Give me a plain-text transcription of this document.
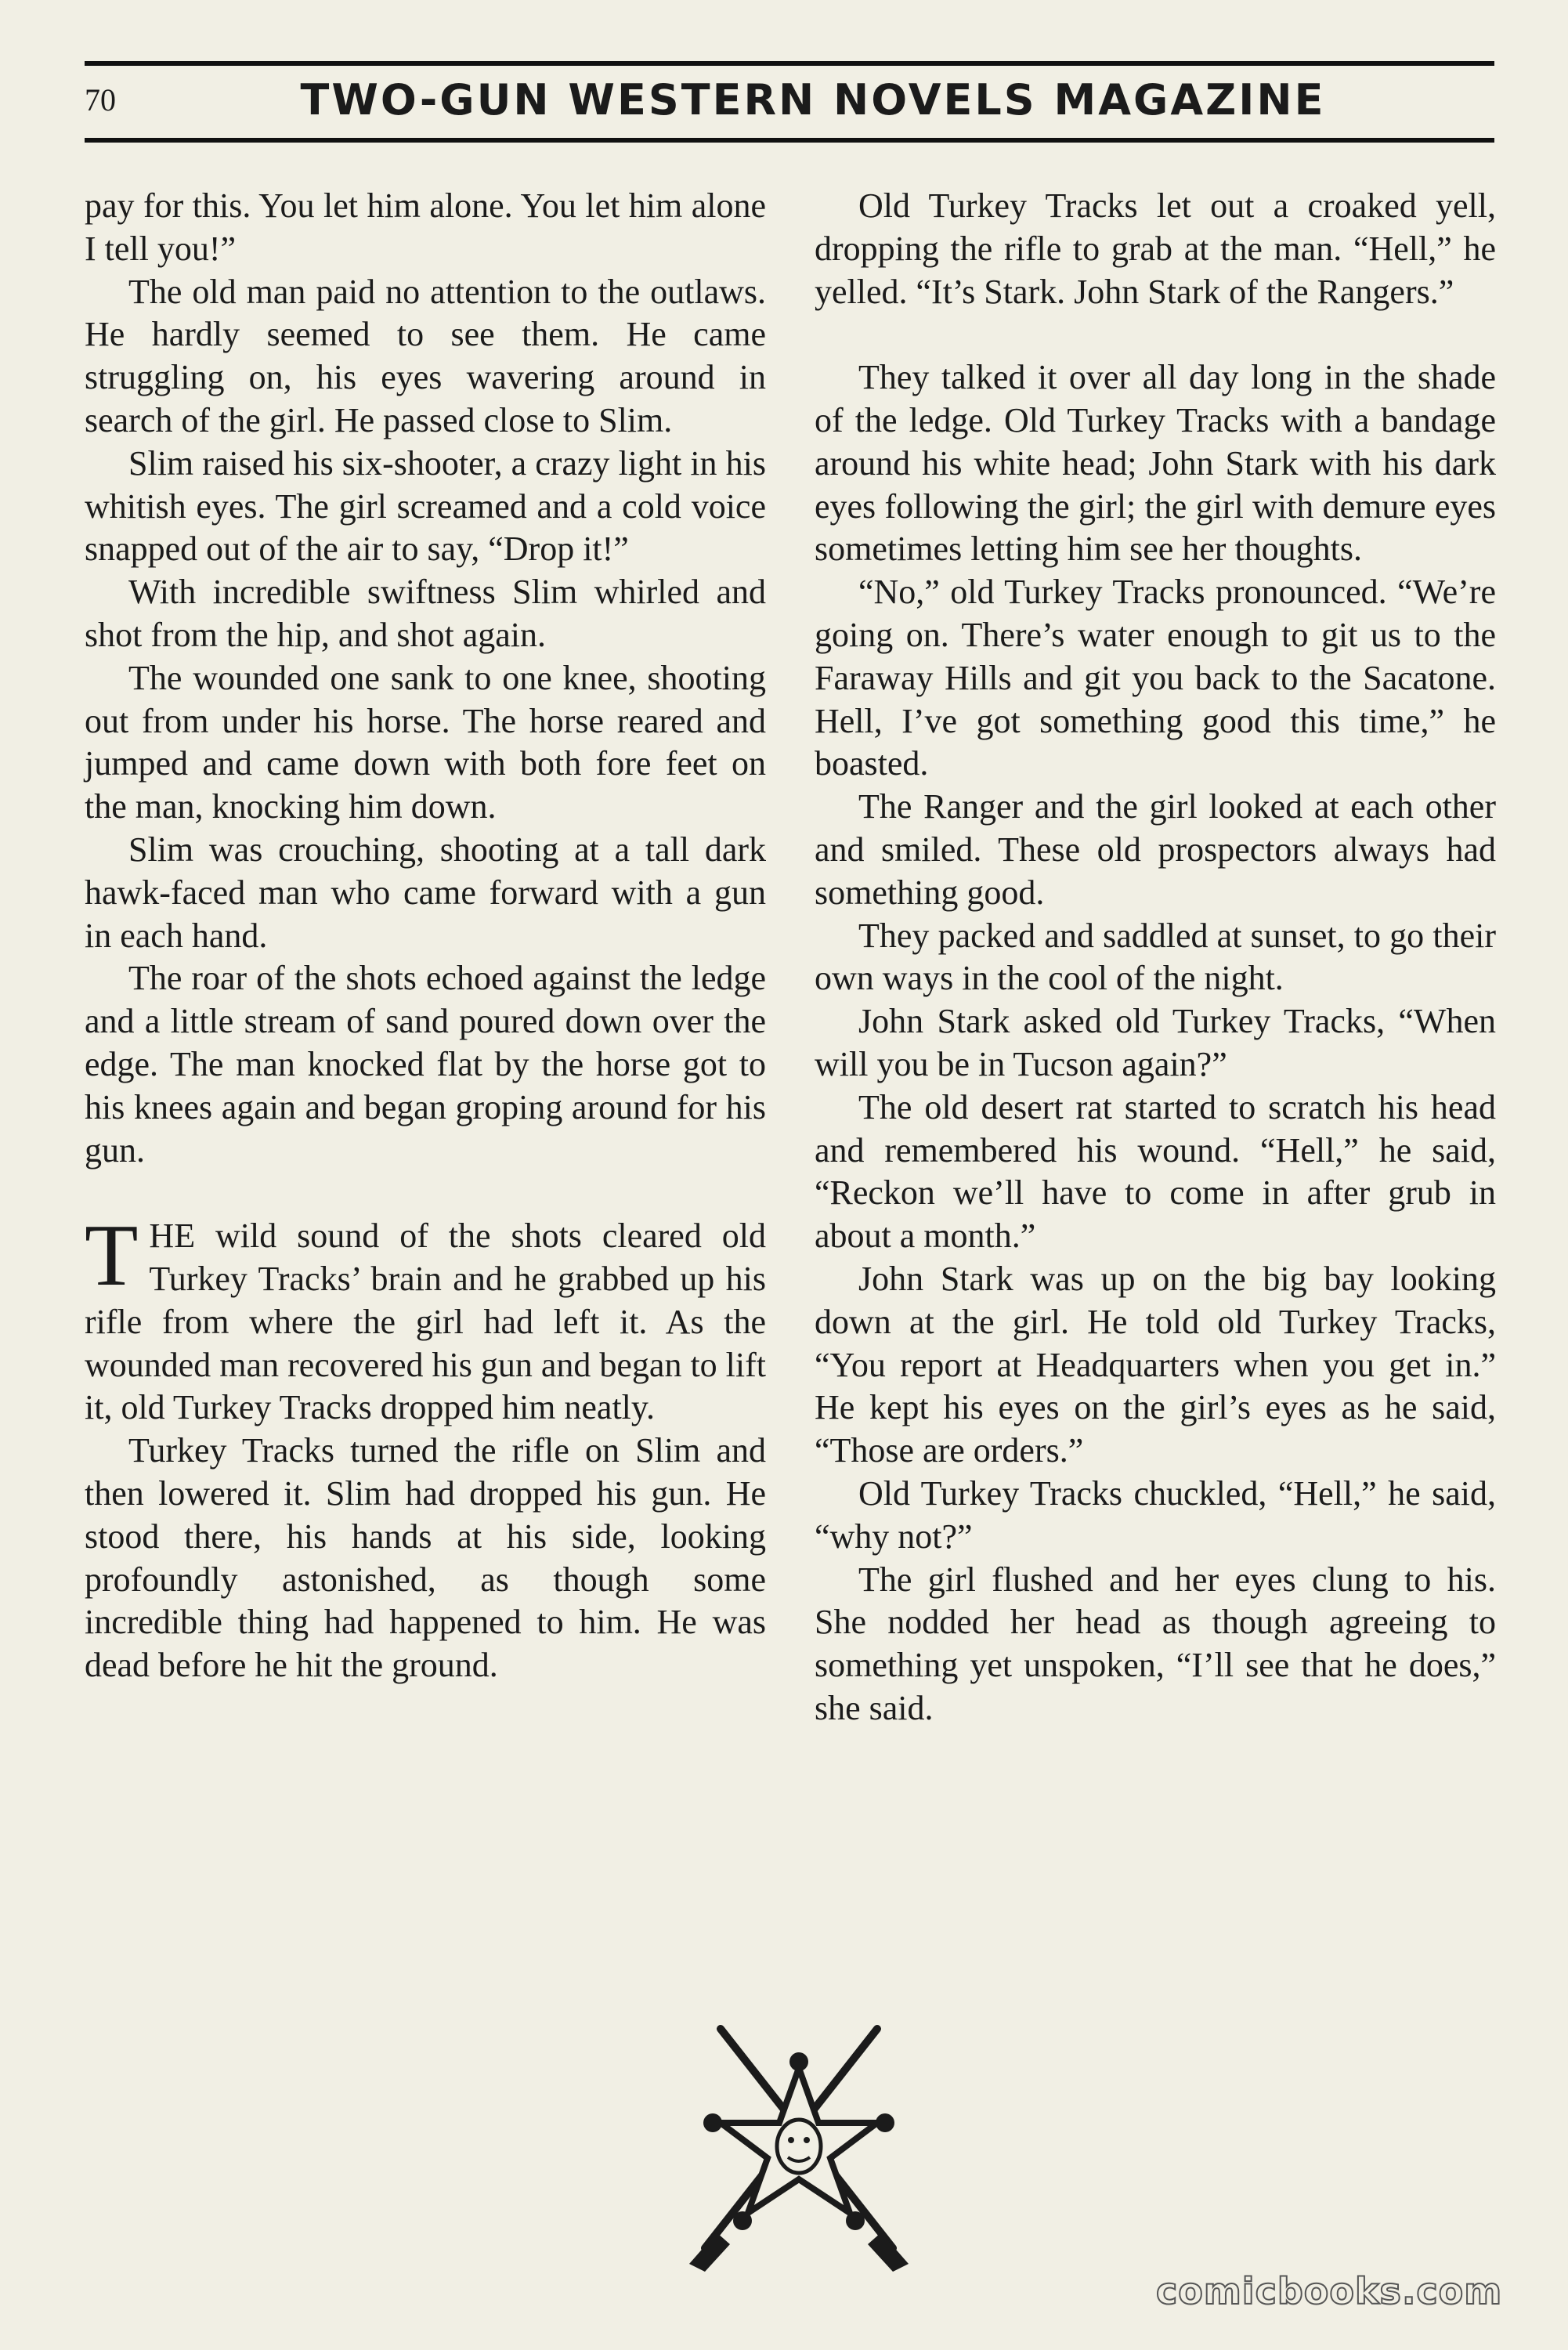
70	TWO-GUN WESTERN NOVELS MAGAZINE

pay for this. You let him alone. You let him alone I tell you!”

The old man paid no attention to the outlaws. He hardly seemed to see them. He came struggling on, his eyes wavering around in search of the girl. He passed close to Slim.

Slim raised his six-shooter, a crazy light in his whitish eyes. The girl screamed and a cold voice snapped out of the air to say, “Drop it!”

With incredible swiftness Slim whirled and shot from the hip, and shot again.

The wounded one sank to one knee, shooting out from under his horse. The horse reared and jumped and came down with both fore feet on the man, knocking him down.

Slim was crouching, shooting at a tall dark hawk-faced man who came forward with a gun in each hand.

The roar of the shots echoed against the ledge and a little stream of sand poured down over the edge. The man knocked flat by the horse got to his knees again and began groping around for his gun.

THE wild sound of the shots cleared old Turkey Tracks’ brain and he grabbed up his rifle from where the girl had left it. As the wounded man recovered his gun and began to lift it, old Turkey Tracks dropped him neatly.

Turkey Tracks turned the rifle on Slim and then lowered it. Slim had dropped his gun. He stood there, his hands at his side, looking profoundly astonished, as though some incredible thing had happened to him. He was dead before he hit the ground.

Old Turkey Tracks let out a croaked yell, dropping the rifle to grab at the man. “Hell,” he yelled. “It’s Stark. John Stark of the Rangers.”

They talked it over all day long in the shade of the ledge. Old Turkey Tracks with a bandage around his white head; John Stark with his dark eyes following the girl; the girl with demure eyes sometimes letting him see her thoughts.

“No,” old Turkey Tracks pronounced. “We’re going on. There’s water enough to git us to the Faraway Hills and git you back to the Sacatone. Hell, I’ve got something good this time,” he boasted.

The Ranger and the girl looked at each other and smiled. These old prospectors always had something good.

They packed and saddled at sunset, to go their own ways in the cool of the night.

John Stark asked old Turkey Tracks, “When will you be in Tucson again?”

The old desert rat started to scratch his head and remembered his wound. “Hell,” he said, “Reckon we’ll have to come in after grub in about a month.”

John Stark was up on the big bay looking down at the girl. He told old Turkey Tracks, “You report at Headquarters when you get in.” He kept his eyes on the girl’s eyes as he said, “Those are orders.”

Old Turkey Tracks chuckled, “Hell,” he said, “why not?”

The girl flushed and her eyes clung to his. She nodded her head as though agreeing to something yet unspoken, “I’ll see that he does,” she said.

comicbooks.com
